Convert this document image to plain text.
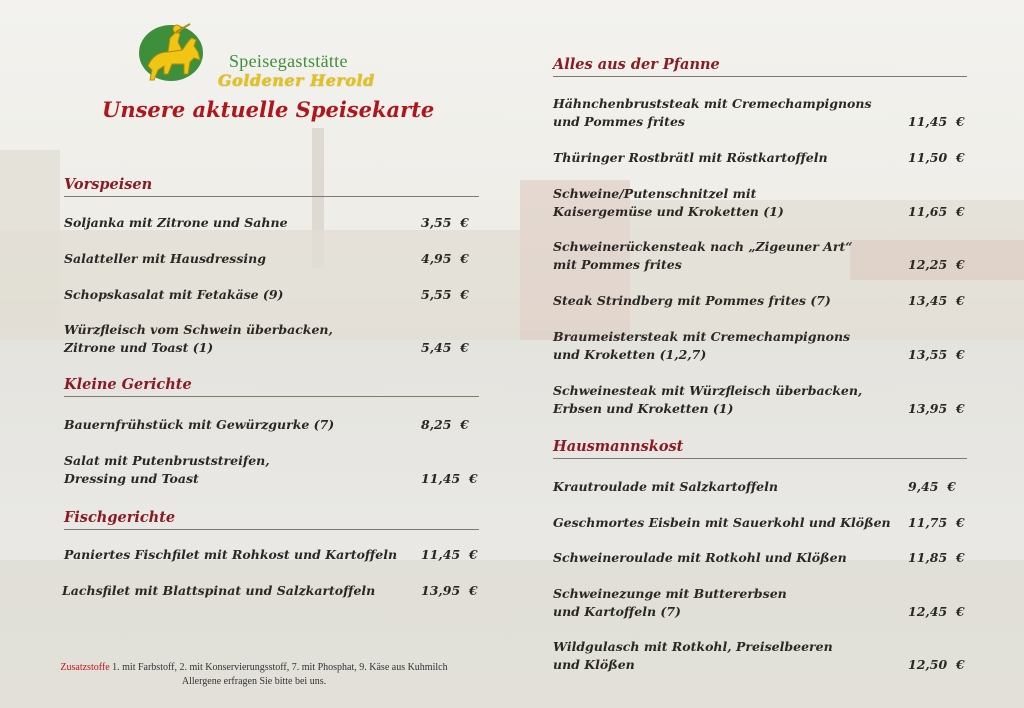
Speisegaststätte
Goldener Herold
Unsere aktuelle Speisekarte
Vorspeisen
Soljanka mit Zitrone und Sahne	3,55 €
Salatteller mit Hausdressing	4,95 €
Schopskasalat mit Fetakäse (9)	5,55 €
Würzfleisch vom Schwein überbacken,
Zitrone und Toast (1)	5,45 €
Kleine Gerichte
Bauernfrühstück mit Gewürzgurke (7)	8,25 €
Salat mit Putenbruststreifen,
Dressing und Toast	11,45 €
Fischgerichte
Paniertes Fischfilet mit Rohkost und Kartoffeln 11,45 €
Lachsfilet mit Blattspinat und Salzkartoffeln	13,95 €
Alles aus der Pfanne
Hähnchenbruststeak mit Cremechampignons
und Pommes frites	11,45 €
Thüringer Rostbrätl mit Röstkartoffeln	11,50 €
Schweine/Putenschnitzel mit
Kaisergemüse und Kroketten (1)	11,65 €
Schweinerückensteak nach „Zigeuner Art“
mit Pommes frites	12,25 €
Steak Strindberg mit Pommes frites (7)	13,45 €
Braumeistersteak mit Cremechampignons
und Kroketten (1,2,7)	13,55 €
Schweinesteak mit Würzfleisch überbacken,
Erbsen und Kroketten (1)	13,95 €
Hausmannskost
Krautroulade mit Salzkartoffeln	9,45 €
Geschmortes Eisbein mit Sauerkohl und Klößen 11,75 €
Schweineroulade mit Rotkohl und Klößen	11,85 €
Schweinezunge mit Buttererbsen
und Kartoffeln (7)	12,45 €
Wildgulasch mit Rotkohl, Preiselbeeren
und Klößen	12,50 €
Zusatzstoffe 1. mit Farbstoff, 2. mit Konservierungsstoff, 7. mit Phosphat, 9. Käse aus Kuhmilch
Allergene erfragen Sie bitte bei uns.
